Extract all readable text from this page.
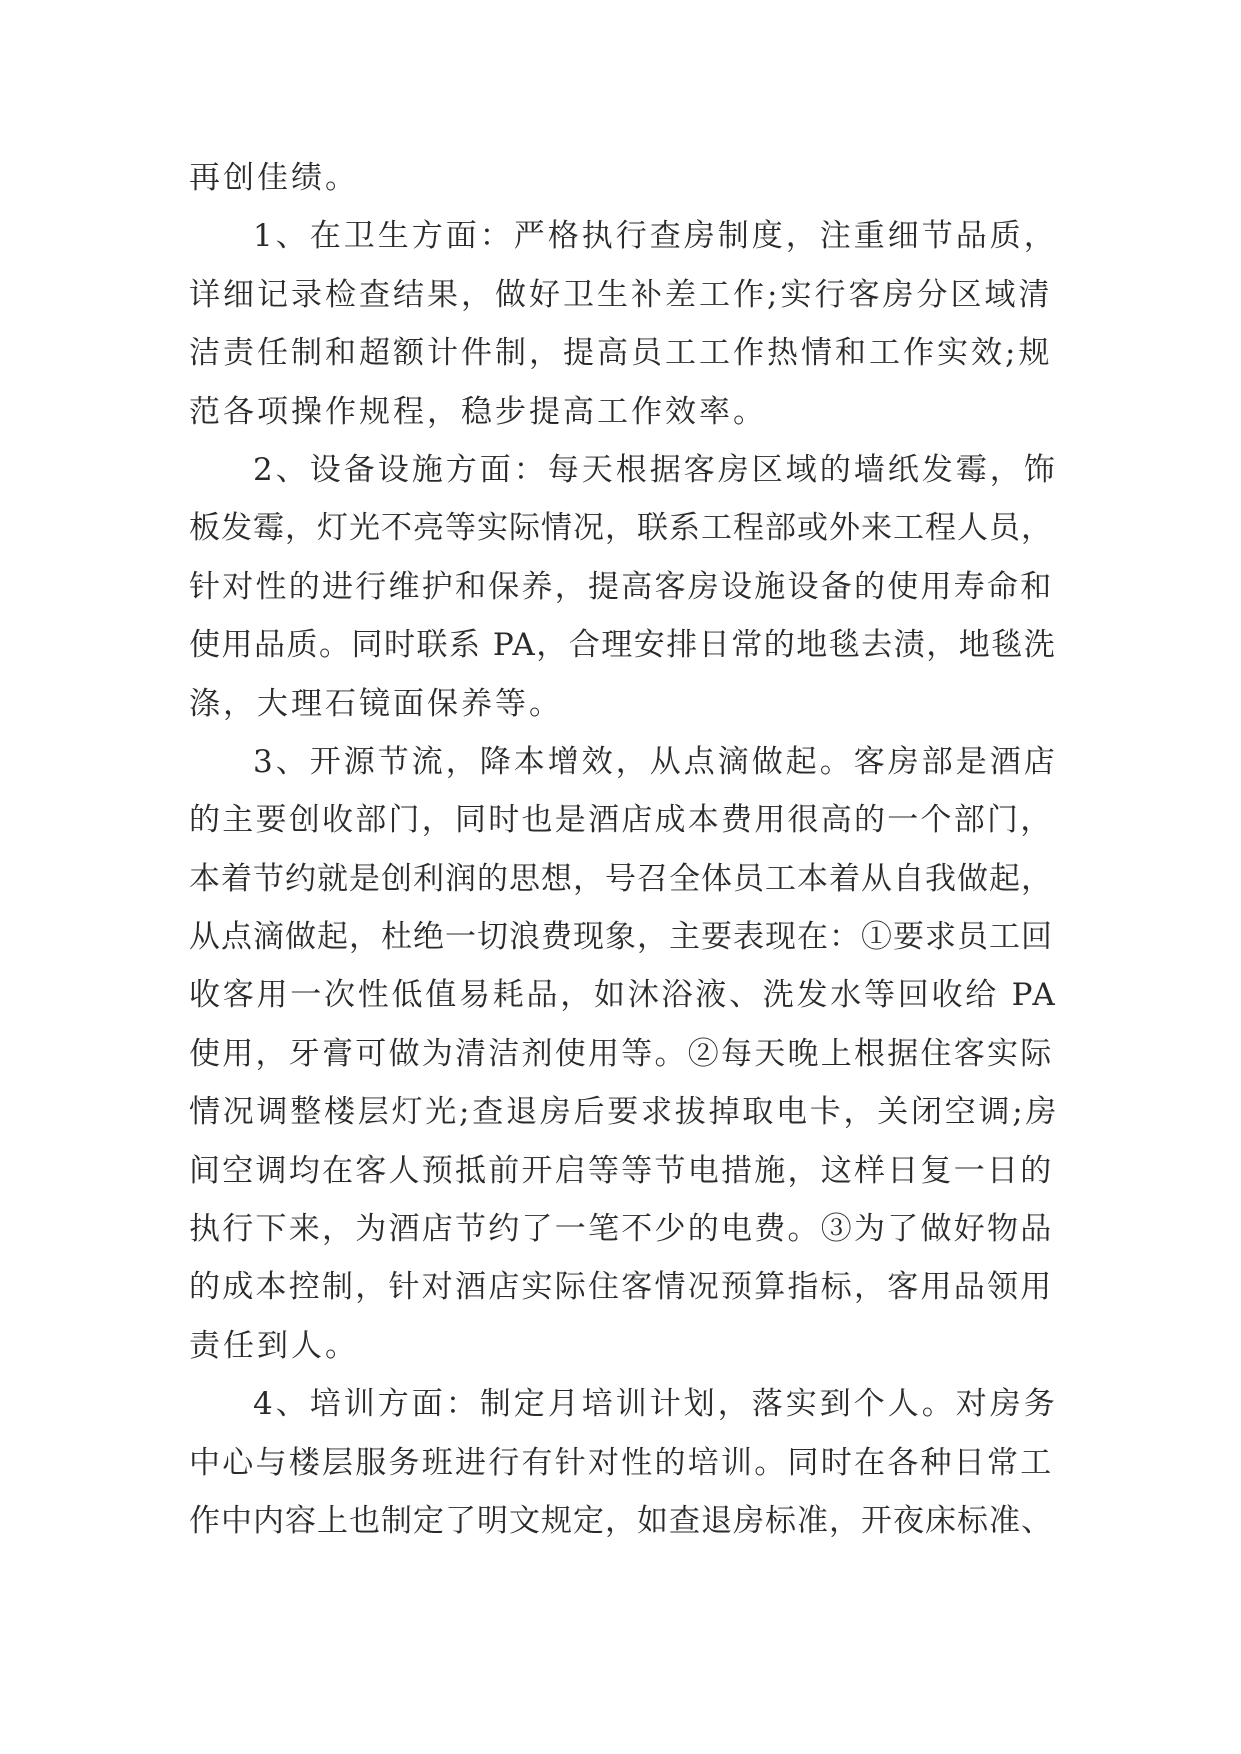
再创佳绩。
1、在卫生方面：严格执行查房制度，注重细节品质，
详细记录检查结果，做好卫生补差工作;实行客房分区域清
洁责任制和超额计件制，提高员工工作热情和工作实效;规
范各项操作规程，稳步提高工作效率。
2、设备设施方面：每天根据客房区域的墙纸发霉，饰
板发霉，灯光不亮等实际情况，联系工程部或外来工程人员，
针对性的进行维护和保养，提高客房设施设备的使用寿命和
使用品质。同时联系 PA，合理安排日常的地毯去渍，地毯洗
涤，大理石镜面保养等。
3、开源节流，降本增效，从点滴做起。客房部是酒店
的主要创收部门，同时也是酒店成本费用很高的一个部门，
本着节约就是创利润的思想，号召全体员工本着从自我做起，
从点滴做起，杜绝一切浪费现象，主要表现在：①要求员工回
收客用一次性低值易耗品，如沐浴液、洗发水等回收给 PA
使用，牙膏可做为清洁剂使用等。②每天晚上根据住客实际
情况调整楼层灯光;查退房后要求拔掉取电卡，关闭空调;房
间空调均在客人预抵前开启等等节电措施，这样日复一日的
执行下来，为酒店节约了一笔不少的电费。③为了做好物品
的成本控制，针对酒店实际住客情况预算指标，客用品领用
责任到人。
4、培训方面：制定月培训计划，落实到个人。对房务
中心与楼层服务班进行有针对性的培训。同时在各种日常工
作中内容上也制定了明文规定，如查退房标准，开夜床标准、
